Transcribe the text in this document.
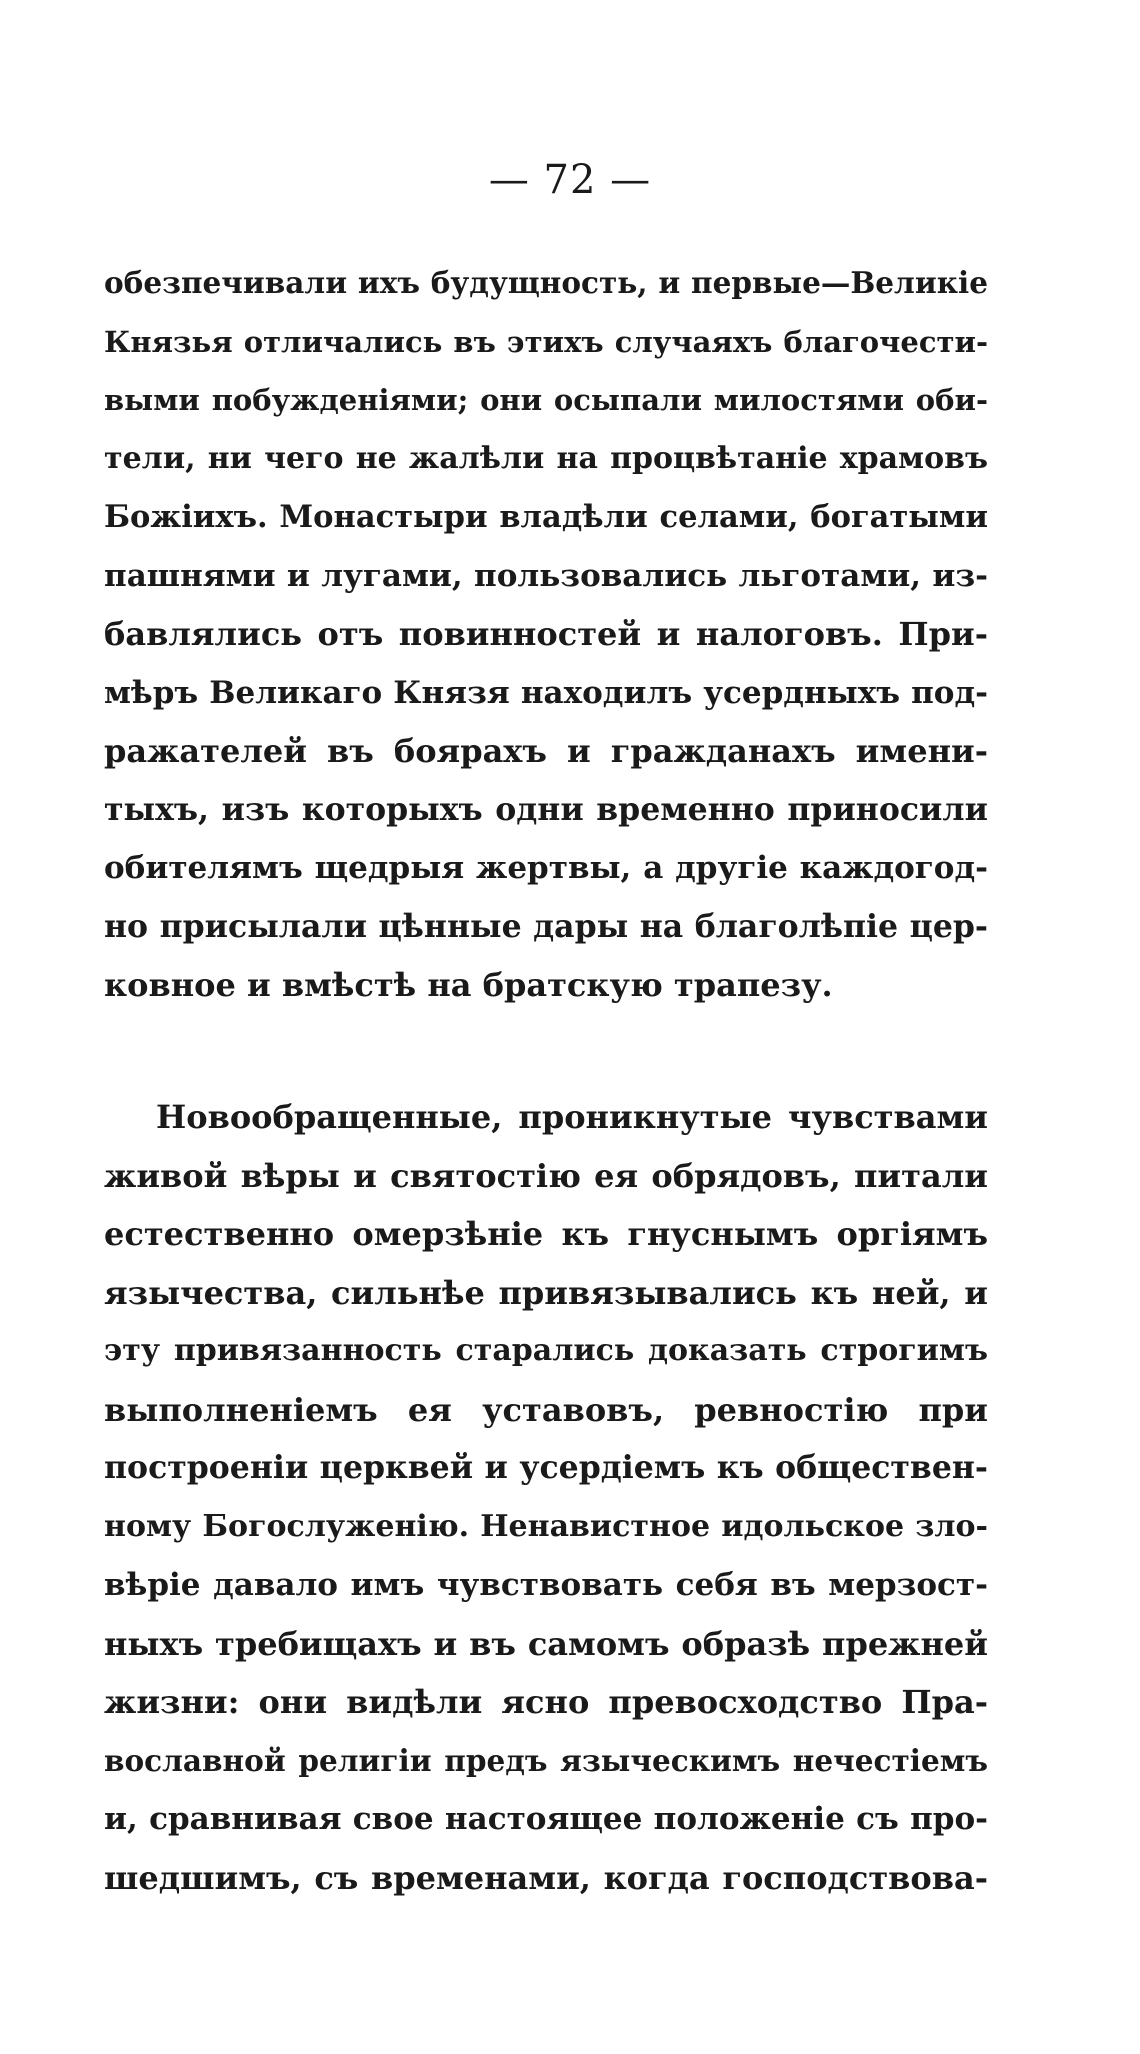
— 72 —
обезпечивали ихъ будущность, и первые—Великіе
Князья отличались въ этихъ случаяхъ благочести-
выми побужденіями; они осыпали милостями оби-
тели, ни чего не жалѣли на процвѣтаніе храмовъ
Божіихъ. Монастыри владѣли селами, богатыми
пашнями и лугами, пользовались льготами, из-
бавлялись отъ повинностей и налоговъ. При-
мѣръ Великаго Князя находилъ усердныхъ под-
ражателей въ боярахъ и гражданахъ имени-
тыхъ, изъ которыхъ одни временно приносили
обителямъ щедрыя жертвы, а другіе каждогод-
но присылали цѣнные дары на благолѣпіе цер-
ковное и вмѣстѣ на братскую трапезу.
Новообращенные, проникнутые чувствами
живой вѣры и святостію ея обрядовъ, питали
естественно омерзѣніе къ гнуснымъ оргіямъ
язычества, сильнѣе привязывались къ ней, и
эту привязанность старались доказать строгимъ
выполненіемъ ея уставовъ, ревностію при
построеніи церквей и усердіемъ къ обществен-
ному Богослуженію. Ненавистное идольское зло-
вѣріе давало имъ чувствовать себя въ мерзост-
ныхъ требищахъ и въ самомъ образѣ прежней
жизни: они видѣли ясно превосходство Пра-
вославной религіи предъ языческимъ нечестіемъ
и, сравнивая свое настоящее положеніе съ про-
шедшимъ, съ временами, когда господствова-
